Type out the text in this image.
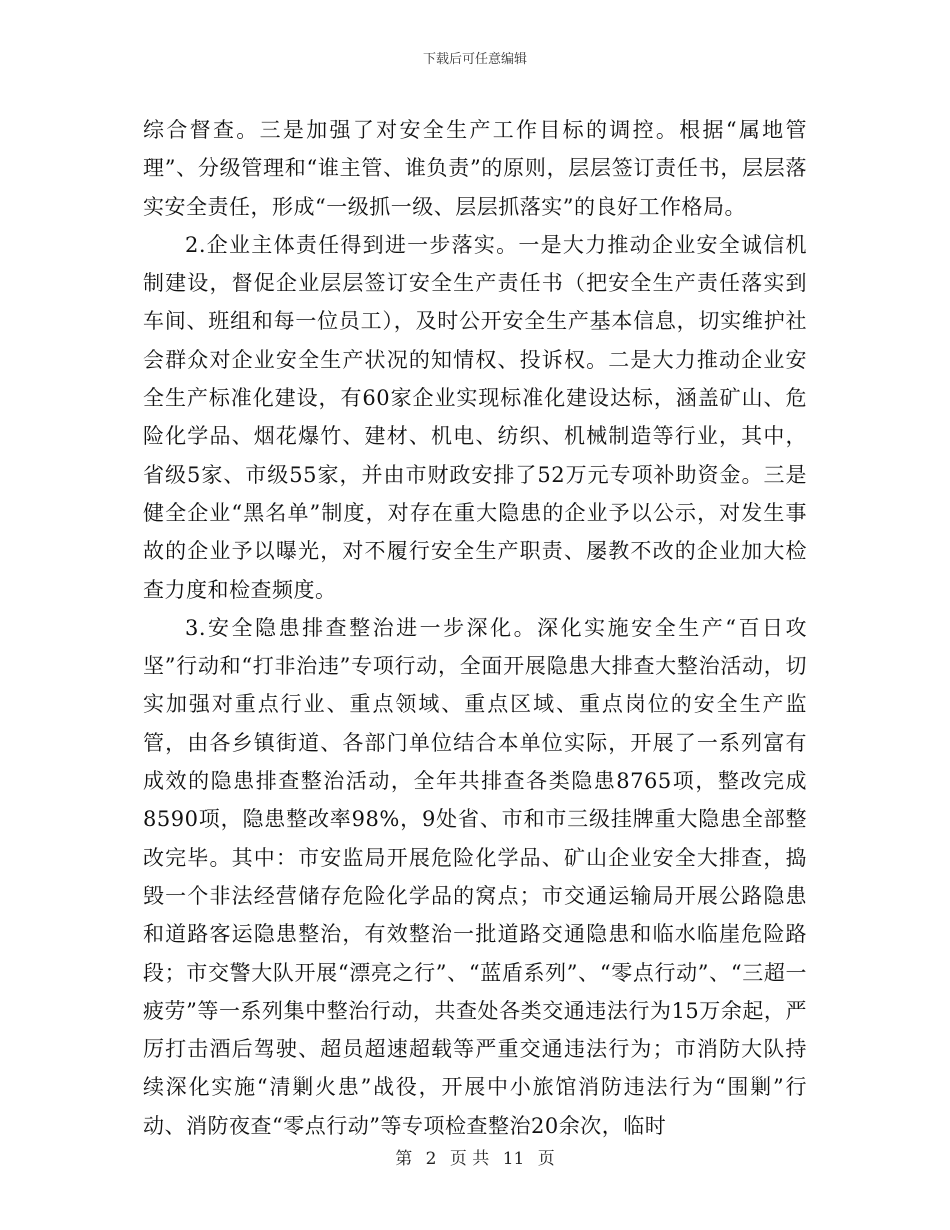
下载后可任意编辑

综合督查。三是加强了对安全生产工作目标的调控。根据“属地管理”、分级管理和“谁主管、谁负责”的原则，层层签订责任书，层层落实安全责任，形成“一级抓一级、层层抓落实”的良好工作格局。

2.企业主体责任得到进一步落实。一是大力推动企业安全诚信机制建设，督促企业层层签订安全生产责任书（把安全生产责任落实到车间、班组和每一位员工），及时公开安全生产基本信息，切实维护社会群众对企业安全生产状况的知情权、投诉权。二是大力推动企业安全生产标准化建设，有60家企业实现标准化建设达标，涵盖矿山、危险化学品、烟花爆竹、建材、机电、纺织、机械制造等行业，其中，省级5家、市级55家，并由市财政安排了52万元专项补助资金。三是健全企业“黑名单”制度，对存在重大隐患的企业予以公示，对发生事故的企业予以曝光，对不履行安全生产职责、屡教不改的企业加大检查力度和检查频度。

3.安全隐患排查整治进一步深化。深化实施安全生产“百日攻坚”行动和“打非治违”专项行动，全面开展隐患大排查大整治活动，切实加强对重点行业、重点领域、重点区域、重点岗位的安全生产监管，由各乡镇街道、各部门单位结合本单位实际，开展了一系列富有成效的隐患排查整治活动，全年共排查各类隐患8765项，整改完成8590项，隐患整改率98%，9处省、市和市三级挂牌重大隐患全部整改完毕。其中：市安监局开展危险化学品、矿山企业安全大排查，捣毁一个非法经营储存危险化学品的窝点；市交通运输局开展公路隐患和道路客运隐患整治，有效整治一批道路交通隐患和临水临崖危险路段；市交警大队开展“漂亮之行”、“蓝盾系列”、“零点行动”、“三超一疲劳”等一系列集中整治行动，共查处各类交通违法行为15万余起，严厉打击酒后驾驶、超员超速超载等严重交通违法行为；市消防大队持续深化实施“清剿火患”战役，开展中小旅馆消防违法行为“围剿”行动、消防夜查“零点行动”等专项检查整治20余次，临时

第 2 页 共 11 页
